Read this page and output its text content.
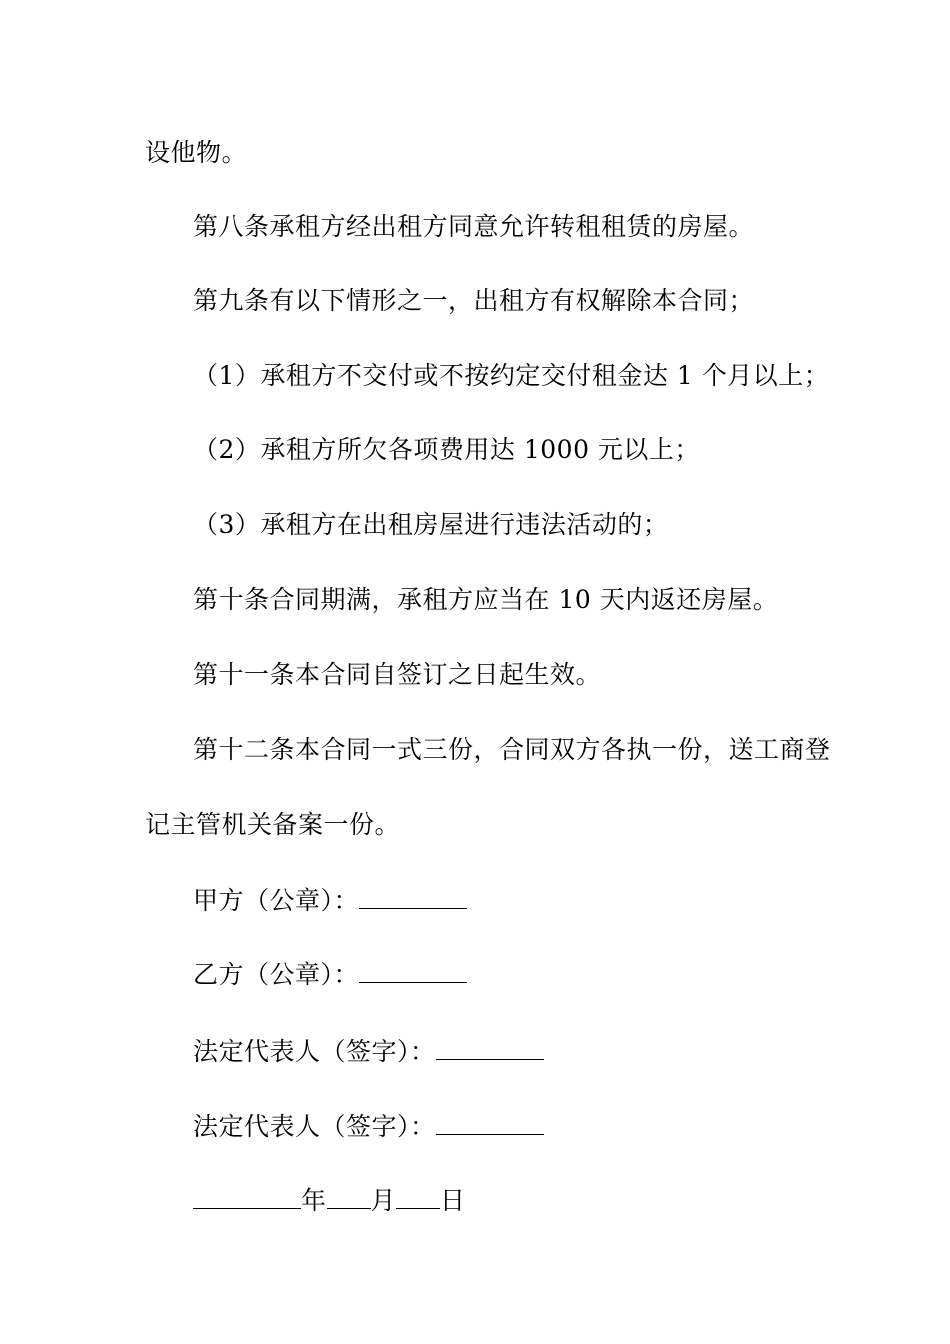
设他物。
第八条承租方经出租方同意允许转租租赁的房屋。
第九条有以下情形之一，出租方有权解除本合同；
（1）承租方不交付或不按约定交付租金达 1 个月以上；
（2）承租方所欠各项费用达 1000 元以上；
（3）承租方在出租房屋进行违法活动的；
第十条合同期满，承租方应当在 10 天内返还房屋。
第十一条本合同自签订之日起生效。
第十二条本合同一式三份，合同双方各执一份，送工商登
记主管机关备案一份。
甲方（公章）：
乙方（公章）：
法定代表人（签字）：
法定代表人（签字）：
年 月 日
